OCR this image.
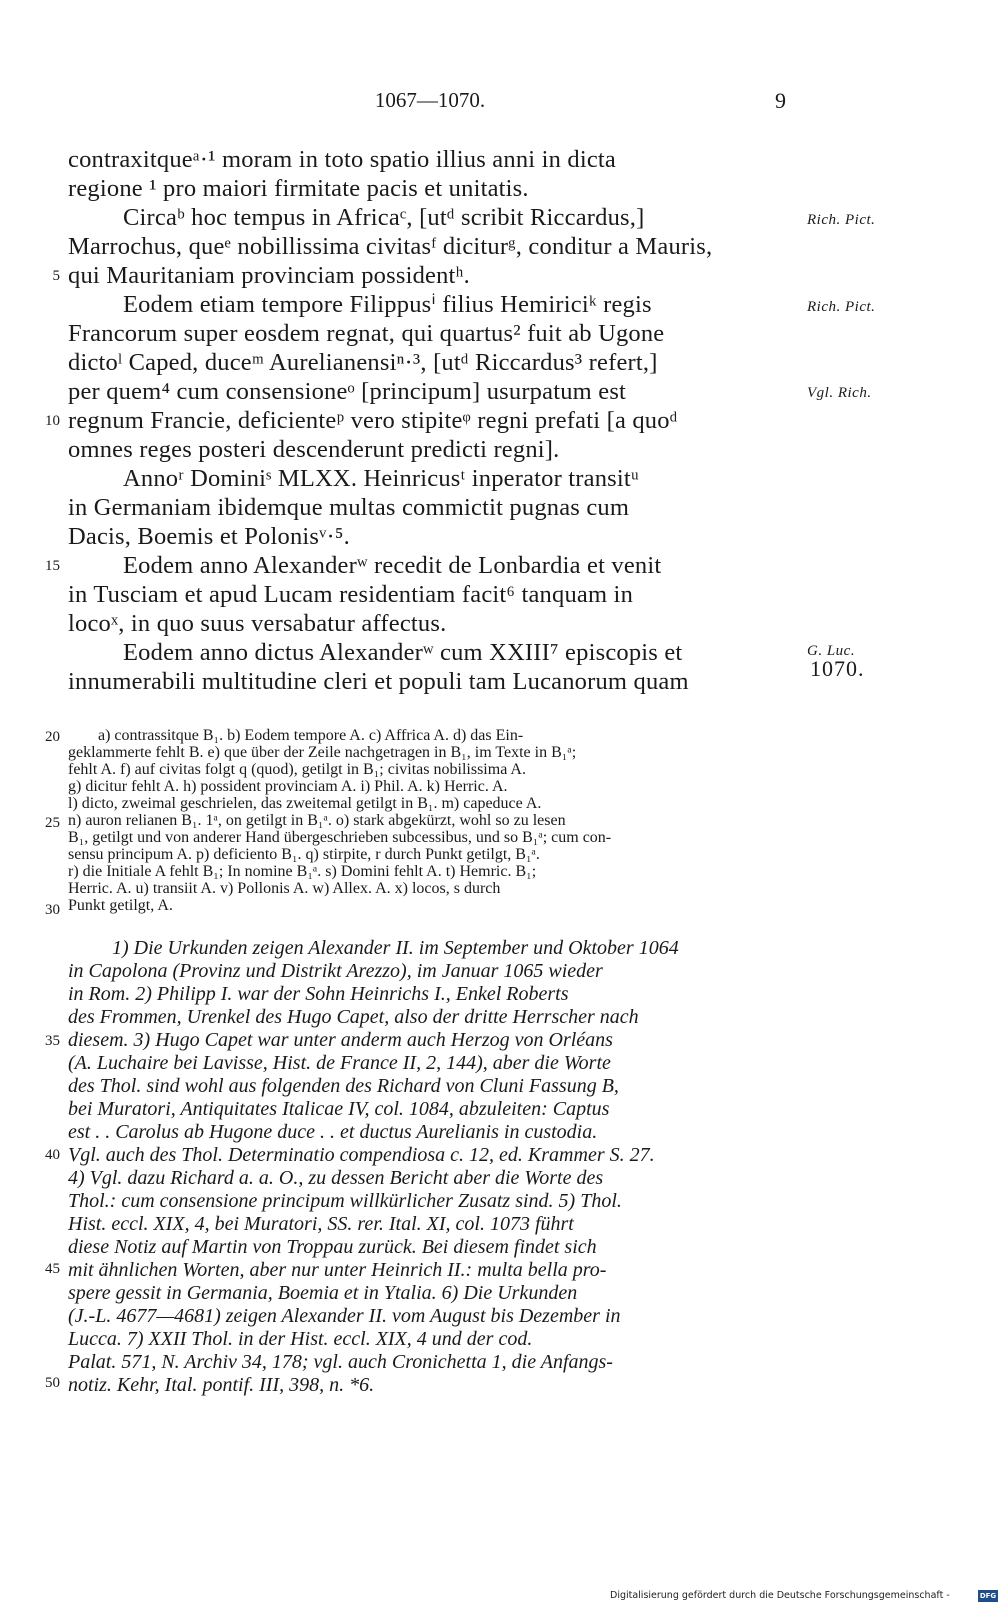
1067—1070.	9
contraxitqueᵃ·¹ moram in toto spatio illius anni in dicta
regione ¹ pro maiori firmitate pacis et unitatis.
Circaᵇ hoc tempus in Africaᶜ, [utᵈ scribit Riccardus,]
Marrochus, queᵉ nobillissima civitasᶠ diciturᵍ, conditur a Mauris,
qui Mauritaniam provinciam possidentʰ.
Eodem etiam tempore Filippusⁱ filius Hemiriciᵏ regis
Francorum super eosdem regnat, qui quartus² fuit ab Ugone
dictoˡ Caped, duceᵐ Aurelianensiⁿ·³, [utᵈ Riccardus³ refert,]
per quem⁴ cum consensioneᵒ [principum] usurpatum est
regnum Francie, deficienteᵖ vero stipiteᵠ regni prefati [a quoᵈ
omnes reges posteri descenderunt predicti regni].
Annoʳ Dominiˢ MLXX. Heinricusᵗ inperator transitᵘ
in Germaniam ibidemque multas commictit pugnas cum
Dacis, Boemis et Polonisᵛ·⁵.
Eodem anno Alexanderʷ recedit de Lonbardia et venit
in Tusciam et apud Lucam residentiam facit⁶ tanquam in
locoˣ, in quo suus versabatur affectus.
Eodem anno dictus Alexanderʷ cum XXIII⁷ episcopis et
innumerabili multitudine cleri et populi tam Lucanorum quam
Rich. Pict.
Rich. Pict.
Vgl. Rich.
G. Luc.
1070.
5
10
15
20
25
30
35
40
45
50
a) contrassitque B₁. b) Eodem tempore A. c) Affrica A. d) das Ein-
geklammerte fehlt B. e) que über der Zeile nachgetragen in B₁, im Texte in B₁ᵃ;
fehlt A. f) auf civitas folgt q (quod), getilgt in B₁; civitas nobilissima A.
g) dicitur fehlt A. h) possident provinciam A. i) Phil. A. k) Herric. A.
l) dicto, zweimal geschrielen, das zweitemal getilgt in B₁. m) capeduce A.
n) auron relianen B₁. 1ᵃ, on getilgt in B₁ᵃ. o) stark abgekürzt, wohl so zu lesen
B₁, getilgt und von anderer Hand übergeschrieben subcessibus, und so B₁ᵃ; cum con-
sensu principum A. p) deficiento B₁. q) stirpite, r durch Punkt getilgt, B₁ᵃ.
r) die Initiale A fehlt B₁; In nomine B₁ᵃ. s) Domini fehlt A. t) Hemric. B₁;
Herric. A. u) transiit A. v) Pollonis A. w) Allex. A. x) locos, s durch
Punkt getilgt, A.
1) Die Urkunden zeigen Alexander II. im September und Oktober 1064
in Capolona (Provinz und Distrikt Arezzo), im Januar 1065 wieder
in Rom. 2) Philipp I. war der Sohn Heinrichs I., Enkel Roberts
des Frommen, Urenkel des Hugo Capet, also der dritte Herrscher nach
diesem. 3) Hugo Capet war unter anderm auch Herzog von Orléans
(A. Luchaire bei Lavisse, Hist. de France II, 2, 144), aber die Worte
des Thol. sind wohl aus folgenden des Richard von Cluni Fassung B,
bei Muratori, Antiquitates Italicae IV, col. 1084, abzuleiten: Captus
est . . Carolus ab Hugone duce . . et ductus Aurelianis in custodia.
Vgl. auch des Thol. Determinatio compendiosa c. 12, ed. Krammer S. 27.
4) Vgl. dazu Richard a. a. O., zu dessen Bericht aber die Worte des
Thol.: cum consensione principum willkürlicher Zusatz sind. 5) Thol.
Hist. eccl. XIX, 4, bei Muratori, SS. rer. Ital. XI, col. 1073 führt
diese Notiz auf Martin von Troppau zurück. Bei diesem findet sich
mit ähnlichen Worten, aber nur unter Heinrich II.: multa bella pro-
spere gessit in Germania, Boemia et in Ytalia. 6) Die Urkunden
(J.-L. 4677—4681) zeigen Alexander II. vom August bis Dezember in
Lucca. 7) XXII Thol. in der Hist. eccl. XIX, 4 und der cod.
Palat. 571, N. Archiv 34, 178; vgl. auch Cronichetta 1, die Anfangs-
notiz. Kehr, Ital. pontif. III, 398, n. *6.
Digitalisierung gefördert durch die Deutsche Forschungsgemeinschaft -	DFG
